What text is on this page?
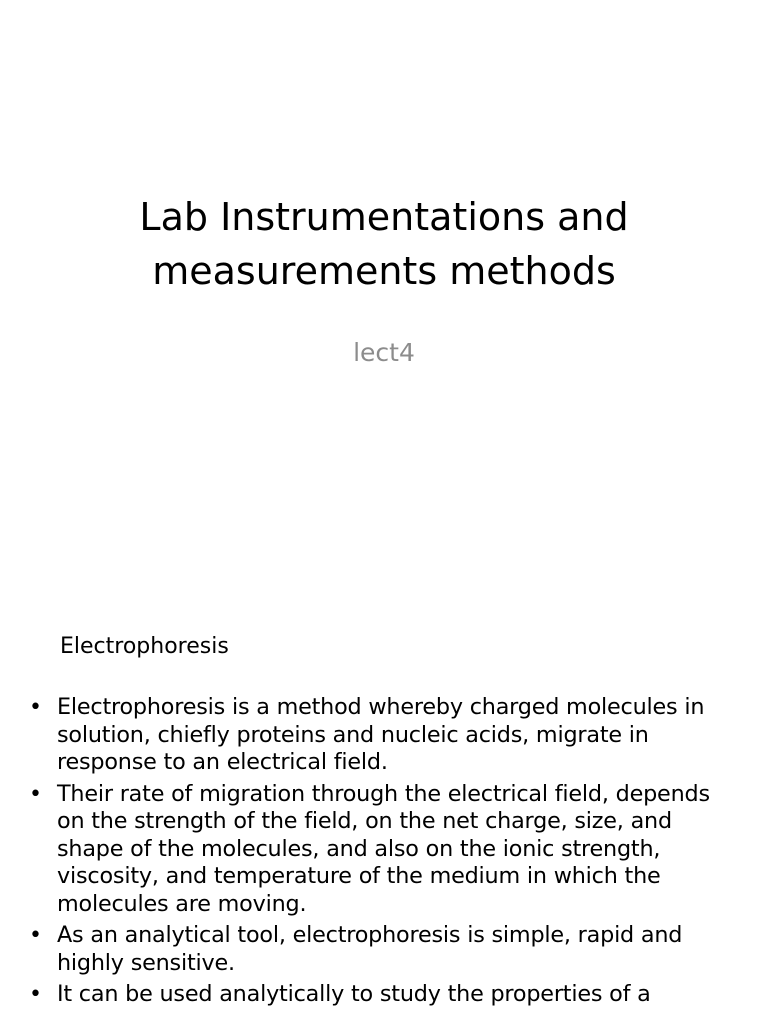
Lab Instrumentations and
measurements methods

lect4

Electrophoresis
• Electrophoresis is a method whereby charged molecules in solution, chiefly proteins and nucleic acids, migrate in response to an electrical field.
• Their rate of migration through the electrical field, depends on the strength of the field, on the net charge, size, and shape of the molecules, and also on the ionic strength, viscosity, and temperature of the medium in which the molecules are moving.
• As an analytical tool, electrophoresis is simple, rapid and highly sensitive.
• It can be used analytically to study the properties of a
